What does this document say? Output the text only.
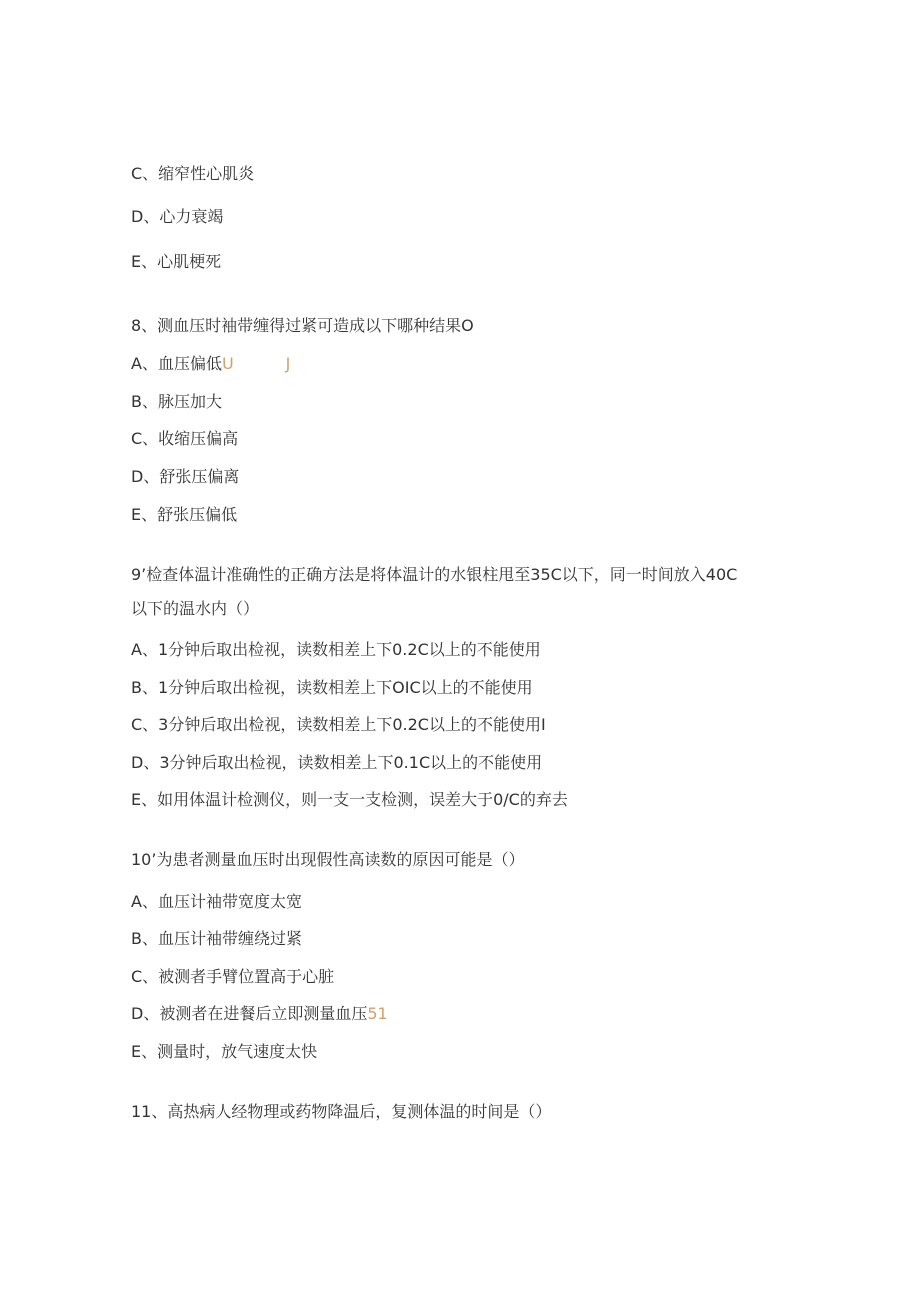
C、缩窄性心肌炎
D、心力衰竭
E、心肌梗死
8、测血压时袖带缠得过紧可造成以下哪种结果O
A、血压偏低U	J
B、脉压加大
C、收缩压偏高
D、舒张压偏离
E、舒张压偏低
9’检查体温计准确性的正确方法是将体温计的水银柱甩至35C以下，同一时间放入40C
以下的温水内（）
A、1分钟后取出检视，读数相差上下0.2C以上的不能使用
B、1分钟后取出检视，读数相差上下OIC以上的不能使用
C、3分钟后取出检视，读数相差上下0.2C以上的不能使用I
D、3分钟后取出检视，读数相差上下0.1C以上的不能使用
E、如用体温计检测仪，则一支一支检测，误差大于0/C的弃去
10’为患者测量血压时出现假性高读数的原因可能是（）
A、血压计袖带宽度太宽
B、血压计袖带缠绕过紧
C、被测者手臂位置高于心脏
D、被测者在进餐后立即测量血压51
E、测量时，放气速度太快
11、高热病人经物理或药物降温后，复测体温的时间是（）
